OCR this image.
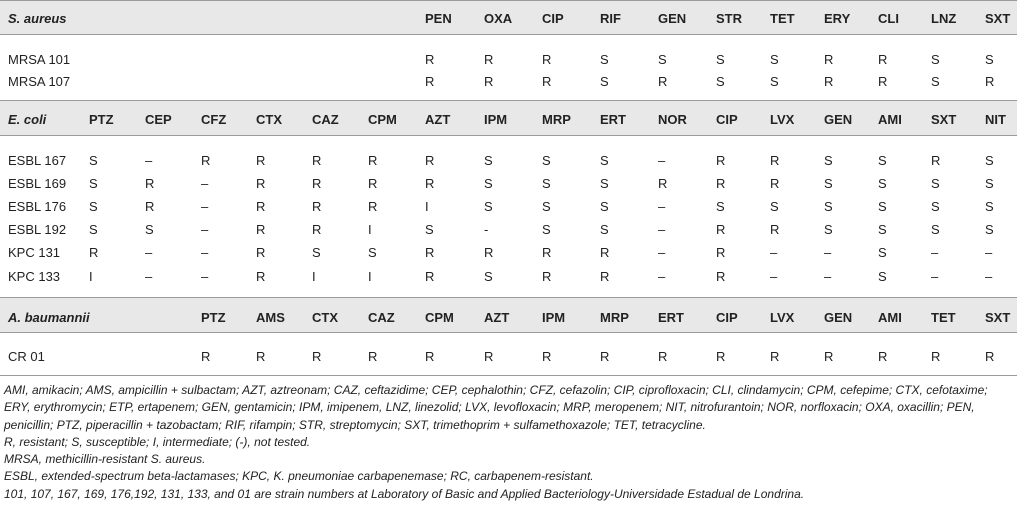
S. aureus	PEN OXA CIP	RIF	GEN STR TET ERY CLI LNZ SXT
MRSA 101	R	R	R	S	S	S	S	R	R	S	S
MRSA 107	R	R	R	S	R	S	S	R	R	S	R
E. coli	PTZ CEP CFZ CTX CAZ CPM AZT	IPM	MRP ERT NOR CIP LVX GEN AMI SXT NIT
ESBL 167 S	–	R	R	R	R	R	S	S	S	–	R	R	S	S	R	S
ESBL 169 S	R	–	R	R	R	R	S	S	S	R	R	R	S	S	S	S
ESBL 176 S	R	–	R	R	R	I	S	S	S	–	S	S	S	S	S	S
ESBL 192 S	S	–	R	R	I	S	-	S	S	–	R	R	S	S	S	S
KPC 131 R	–	–	R	S	S	R	R	R	R	–	R	–	–	S	–	–
KPC 133 I	–	–	R	I	I	R	S	R	R	–	R	–	–	S	–	–
A. baumannii	PTZ AMS CTX CAZ CPM AZT	IPM	MRP ERT CIP LVX GEN AMI TET SXT
CR 01	R	R	R	R	R	R	R	R	R	R	R	R	R	R	R
AMI, amikacin; AMS, ampicillin + sulbactam; AZT, aztreonam; CAZ, ceftazidime; CEP, cephalothin; CFZ, cefazolin; CIP, ciprofloxacin; CLI, clindamycin; CPM, cefepime; CTX, cefotaxime;
ERY, erythromycin; ETP, ertapenem; GEN, gentamicin; IPM, imipenem, LNZ, linezolid; LVX, levofloxacin; MRP, meropenem; NIT, nitrofurantoin; NOR, norfloxacin; OXA, oxacillin; PEN,
penicillin; PTZ, piperacillin + tazobactam; RIF, rifampin; STR, streptomycin; SXT, trimethoprim + sulfamethoxazole; TET, tetracycline.
R, resistant; S, susceptible; I, intermediate; (-), not tested.
MRSA, methicillin-resistant S. aureus.
ESBL, extended-spectrum beta-lactamases; KPC, K. pneumoniae carbapenemase; RC, carbapenem-resistant.
101, 107, 167, 169, 176,192, 131, 133, and 01 are strain numbers at Laboratory of Basic and Applied Bacteriology-Universidade Estadual de Londrina.
